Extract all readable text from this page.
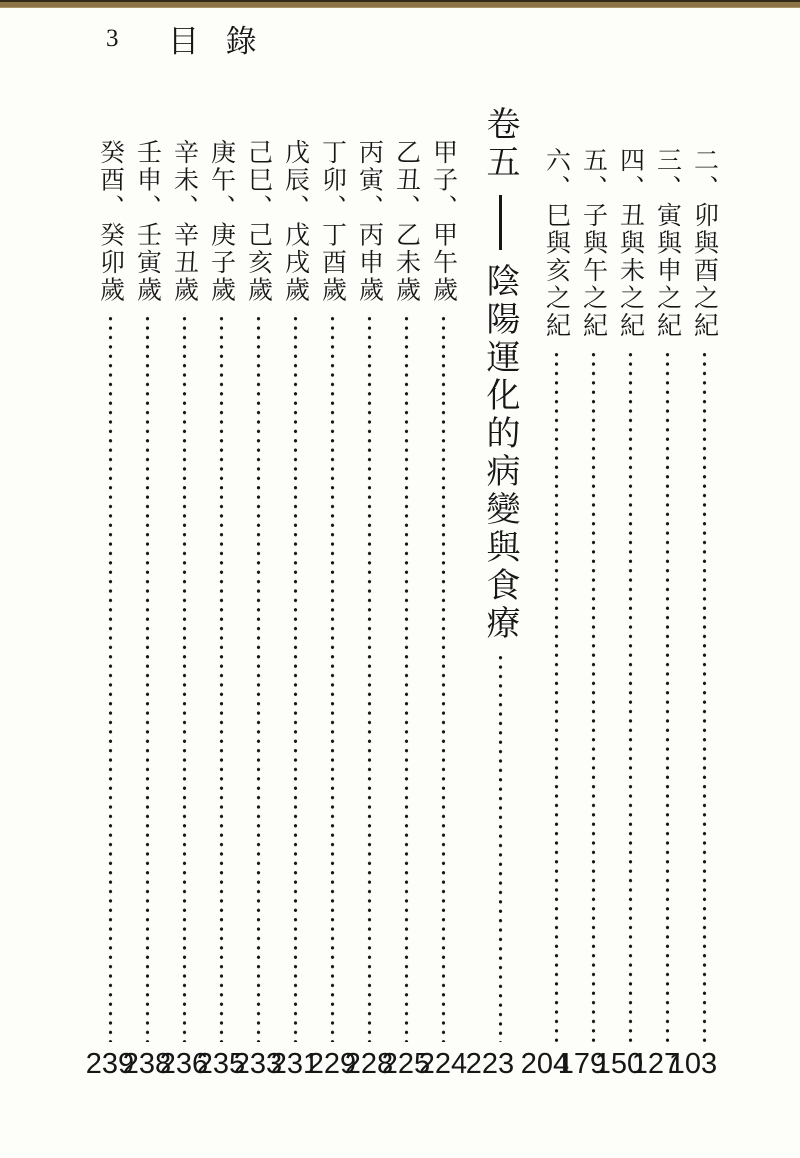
3 目 錄
二、卯與酉之紀
103
三、寅與申之紀
127
四、丑與未之紀
150
五、子與午之紀
179
六、巳與亥之紀
204
卷五陰陽運化的病變與食療
223
甲子、甲午歲
224
乙丑、乙未歲
225
丙寅、丙申歲
228
丁卯、丁酉歲
229
戊辰、戊戌歲
231
己巳、己亥歲
233
庚午、庚子歲
235
辛未、辛丑歲
236
壬申、壬寅歲
238
癸酉、癸卯歲
239
